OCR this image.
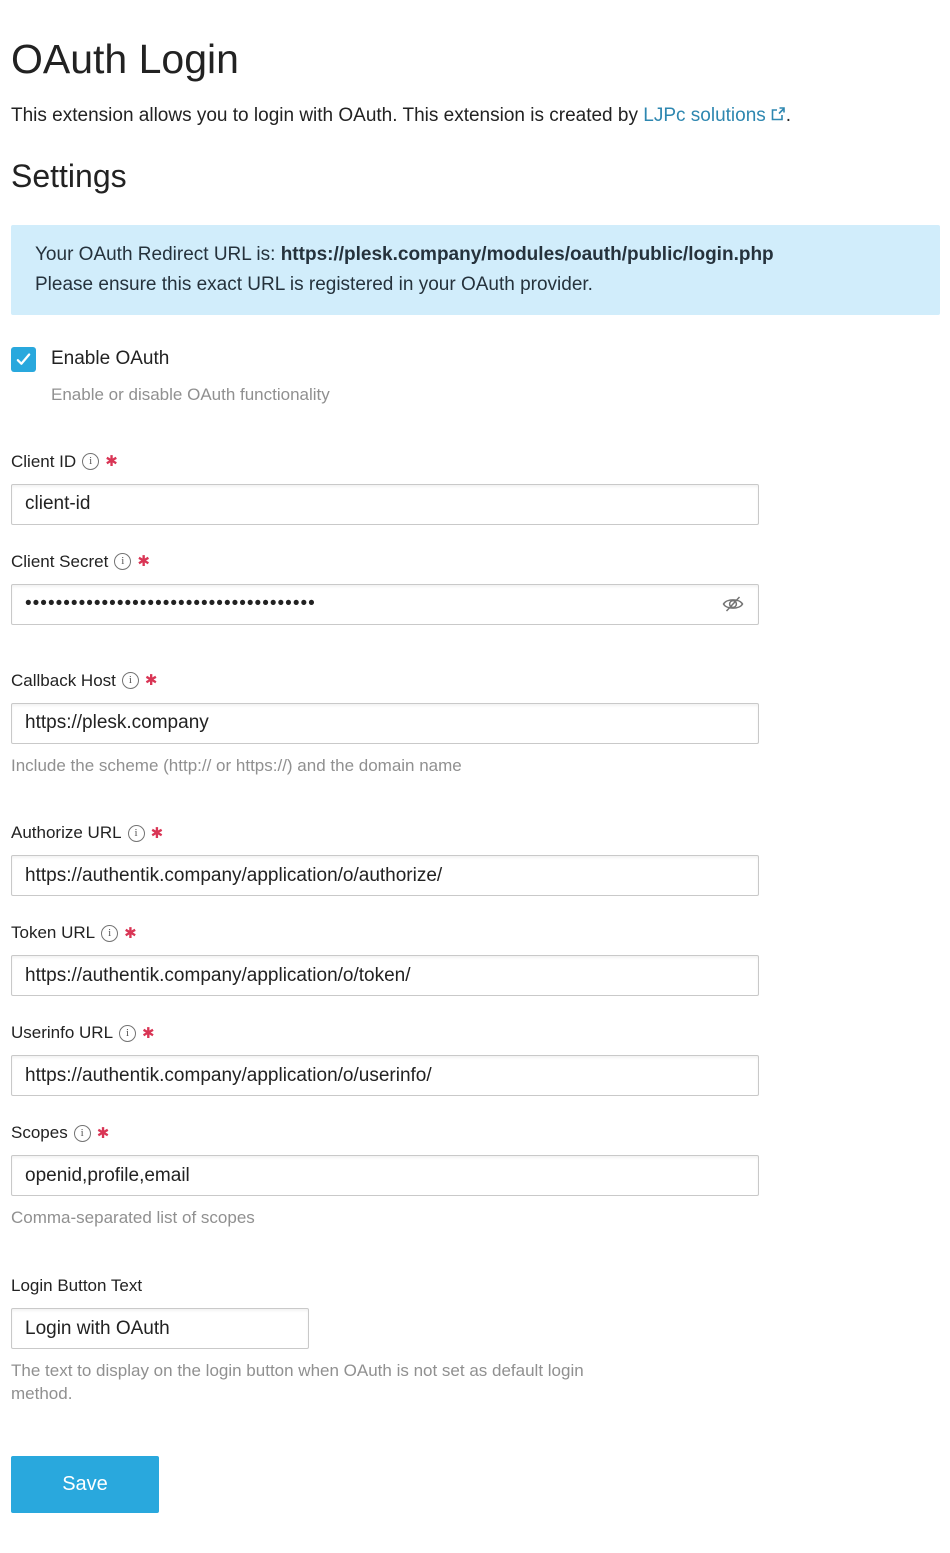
OAuth Login

This extension allows you to login with OAuth. This extension is created by LJPc solutions .

Settings
Your OAuth Redirect URL is: https://plesk.company/modules/oauth/public/login.php
Please ensure this exact URL is registered in your OAuth provider.
Enable OAuth
Enable or disable OAuth functionality
Client ID i ✱
client-id
Client Secret i ✱
••••••••••••••••••••••••••••••••••••••
Callback Host i ✱
https://plesk.company
Include the scheme (http:// or https://) and the domain name
Authorize URL i ✱
https://authentik.company/application/o/authorize/
Token URL i ✱
https://authentik.company/application/o/token/
Userinfo URL i ✱
https://authentik.company/application/o/userinfo/
Scopes i ✱
openid,profile,email
Comma-separated list of scopes
Login Button Text
Login with OAuth
The text to display on the login button when OAuth is not set as default login method.
Save
